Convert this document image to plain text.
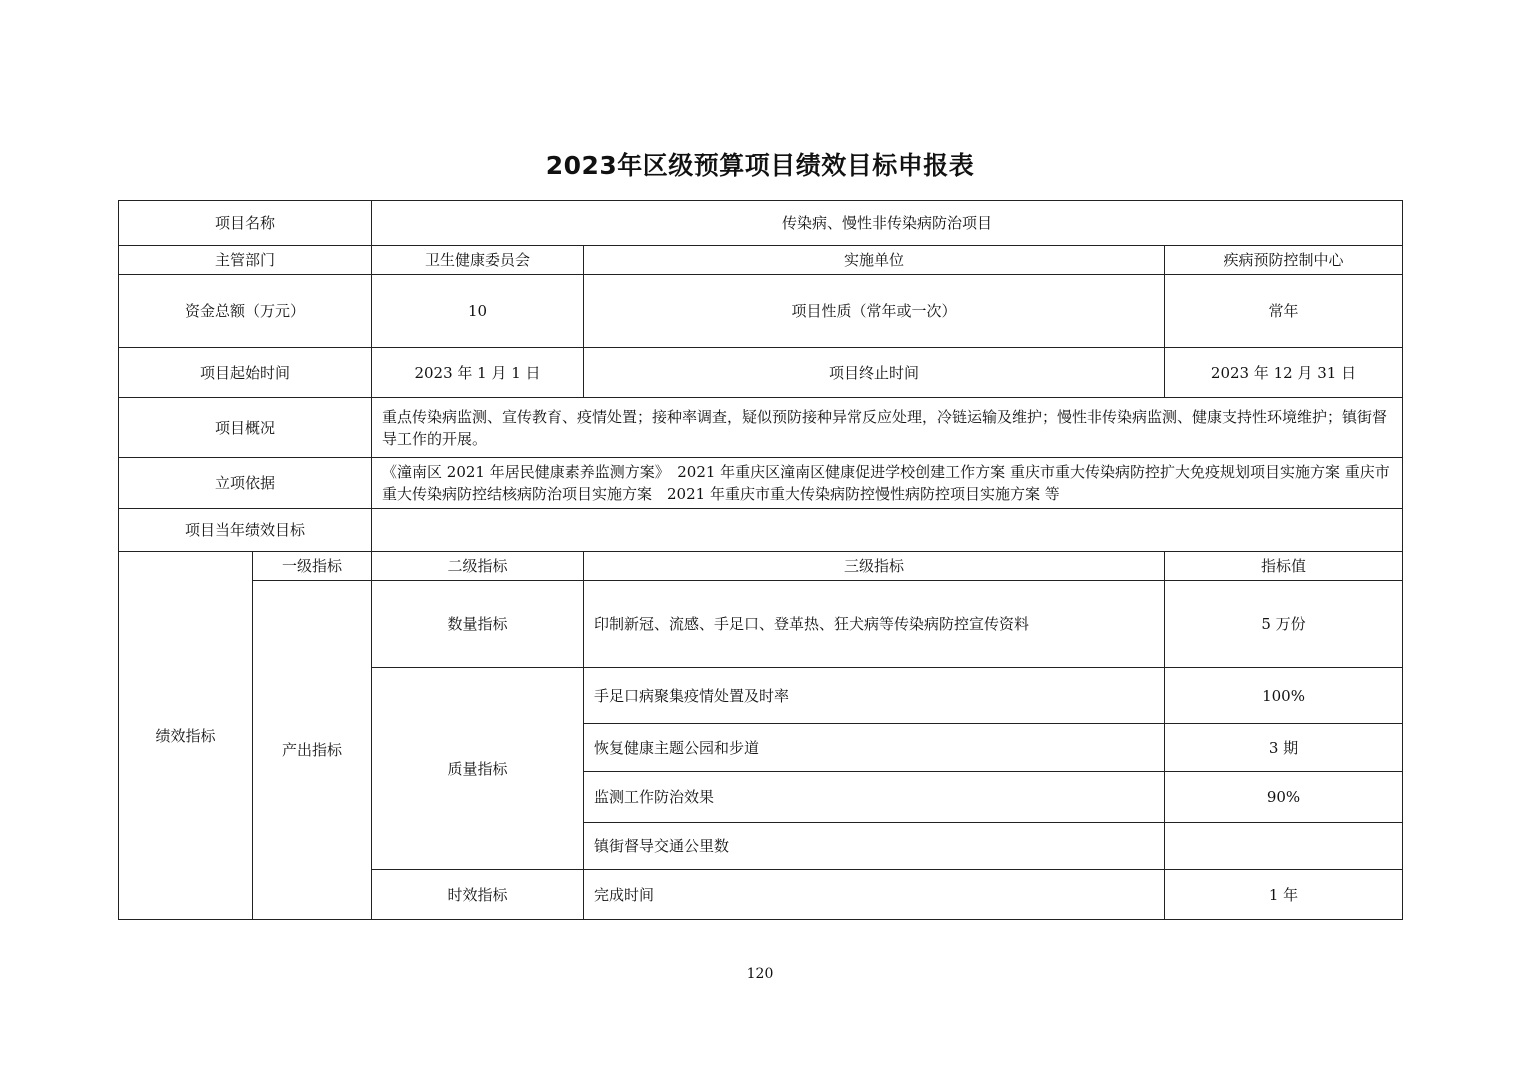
2023年区级预算项目绩效目标申报表
项目名称		传染病、慢性非传染病防治项目		
主管部门		卫生健康委员会	实施单位	疾病预防控制中心
资金总额（万元）		10	项目性质（常年或一次）	常年
项目起始时间		2023 年 1 月 1 日	项目终止时间	2023 年 12 月 31 日
项目概况		重点传染病监测、宣传教育、疫情处置；接种率调查，疑似预防接种异常反应处理，冷链运输及维护；慢性非传染病监测、健康支持性环境维护；镇街督导工作的开展。		
立项依据		《潼南区 2021 年居民健康素养监测方案》　2021 年重庆区潼南区健康促进学校创建工作方案 重庆市重大传染病防控扩大免疫规划项目实施方案 重庆市重大传染病防控结核病防治项目实施方案　2021 年重庆市重大传染病防控慢性病防控项目实施方案 等		
项目当年绩效目标				
绩效指标	一级指标	二级指标	三级指标	指标值
	产出指标	数量指标	印制新冠、流感、手足口、登革热、狂犬病等传染病防控宣传资料	5 万份
		质量指标	手足口病聚集疫情处置及时率	100%
			恢复健康主题公园和步道	3 期
			监测工作防治效果	90%
			镇街督导交通公里数	
		时效指标	完成时间	1 年
120
